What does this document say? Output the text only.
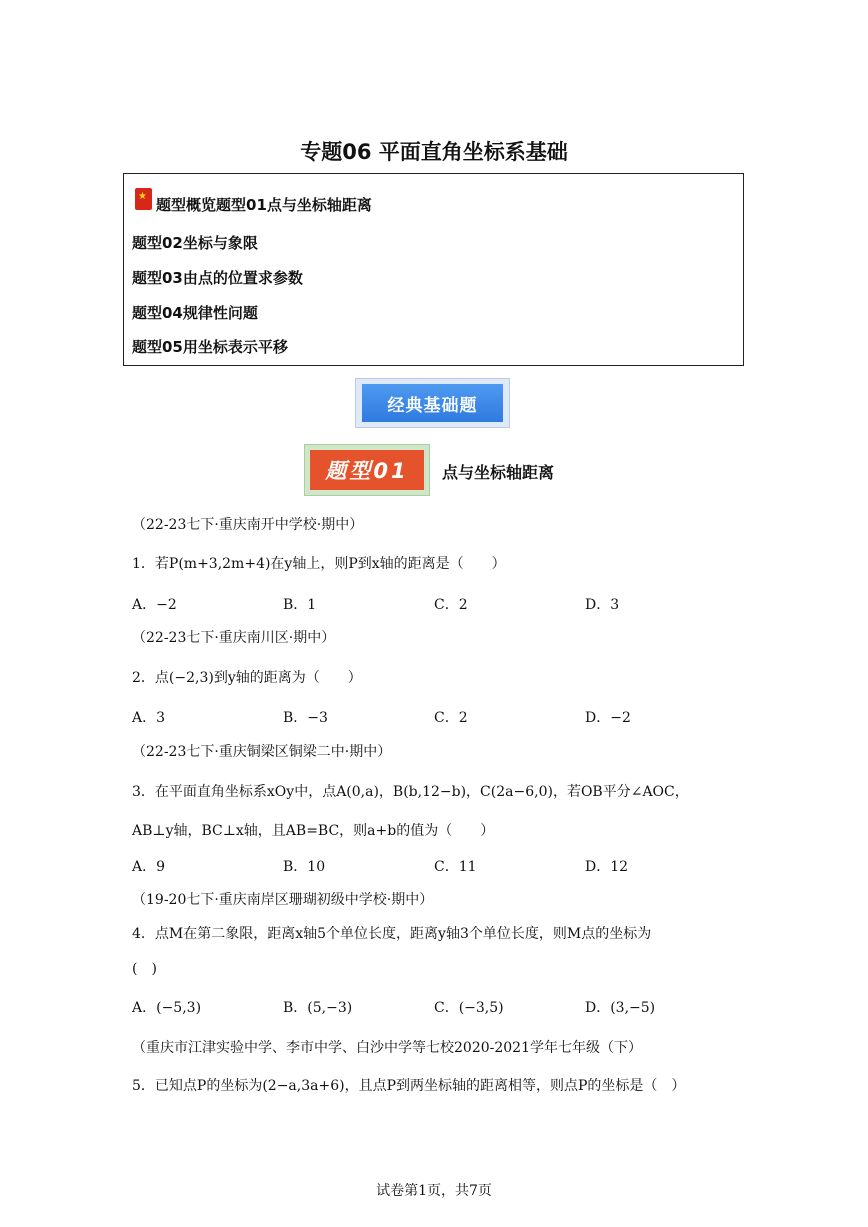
专题06 平面直角坐标系基础
★
题型概览题型01点与坐标轴距离
题型02坐标与象限
题型03由点的位置求参数
题型04规律性问题
题型05用坐标表示平移
经典基础题
题型01	点与坐标轴距离
（22-23七下·重庆南开中学校·期中）
1．若P(m+3,2m+4)在y轴上，则P到x轴的距离是（　　）
A．−2	B．1	C．2	D．3
（22-23七下·重庆南川区·期中）
2．点(−2,3)到y轴的距离为（　　）
A．3	B．−3	C．2	D．−2
（22-23七下·重庆铜梁区铜梁二中·期中）
3．在平面直角坐标系xOy中，点A(0,a)，B(b,12−b)，C(2a−6,0)，若OB平分∠AOC，
AB⊥y轴，BC⊥x轴，且AB=BC，则a+b的值为（　　）
A．9	B．10	C．11	D．12
（19-20七下·重庆南岸区珊瑚初级中学校·期中）
4．点M在第二象限，距离x轴5个单位长度，距离y轴3个单位长度，则M点的坐标为
(　)
A．(−5,3)	B．(5,−3)	C．(−3,5)	D．(3,−5)
（重庆市江津实验中学、李市中学、白沙中学等七校2020-2021学年七年级（下）
5．已知点P的坐标为(2−a,3a+6)，且点P到两坐标轴的距离相等，则点P的坐标是（　）
试卷第1页，共7页
